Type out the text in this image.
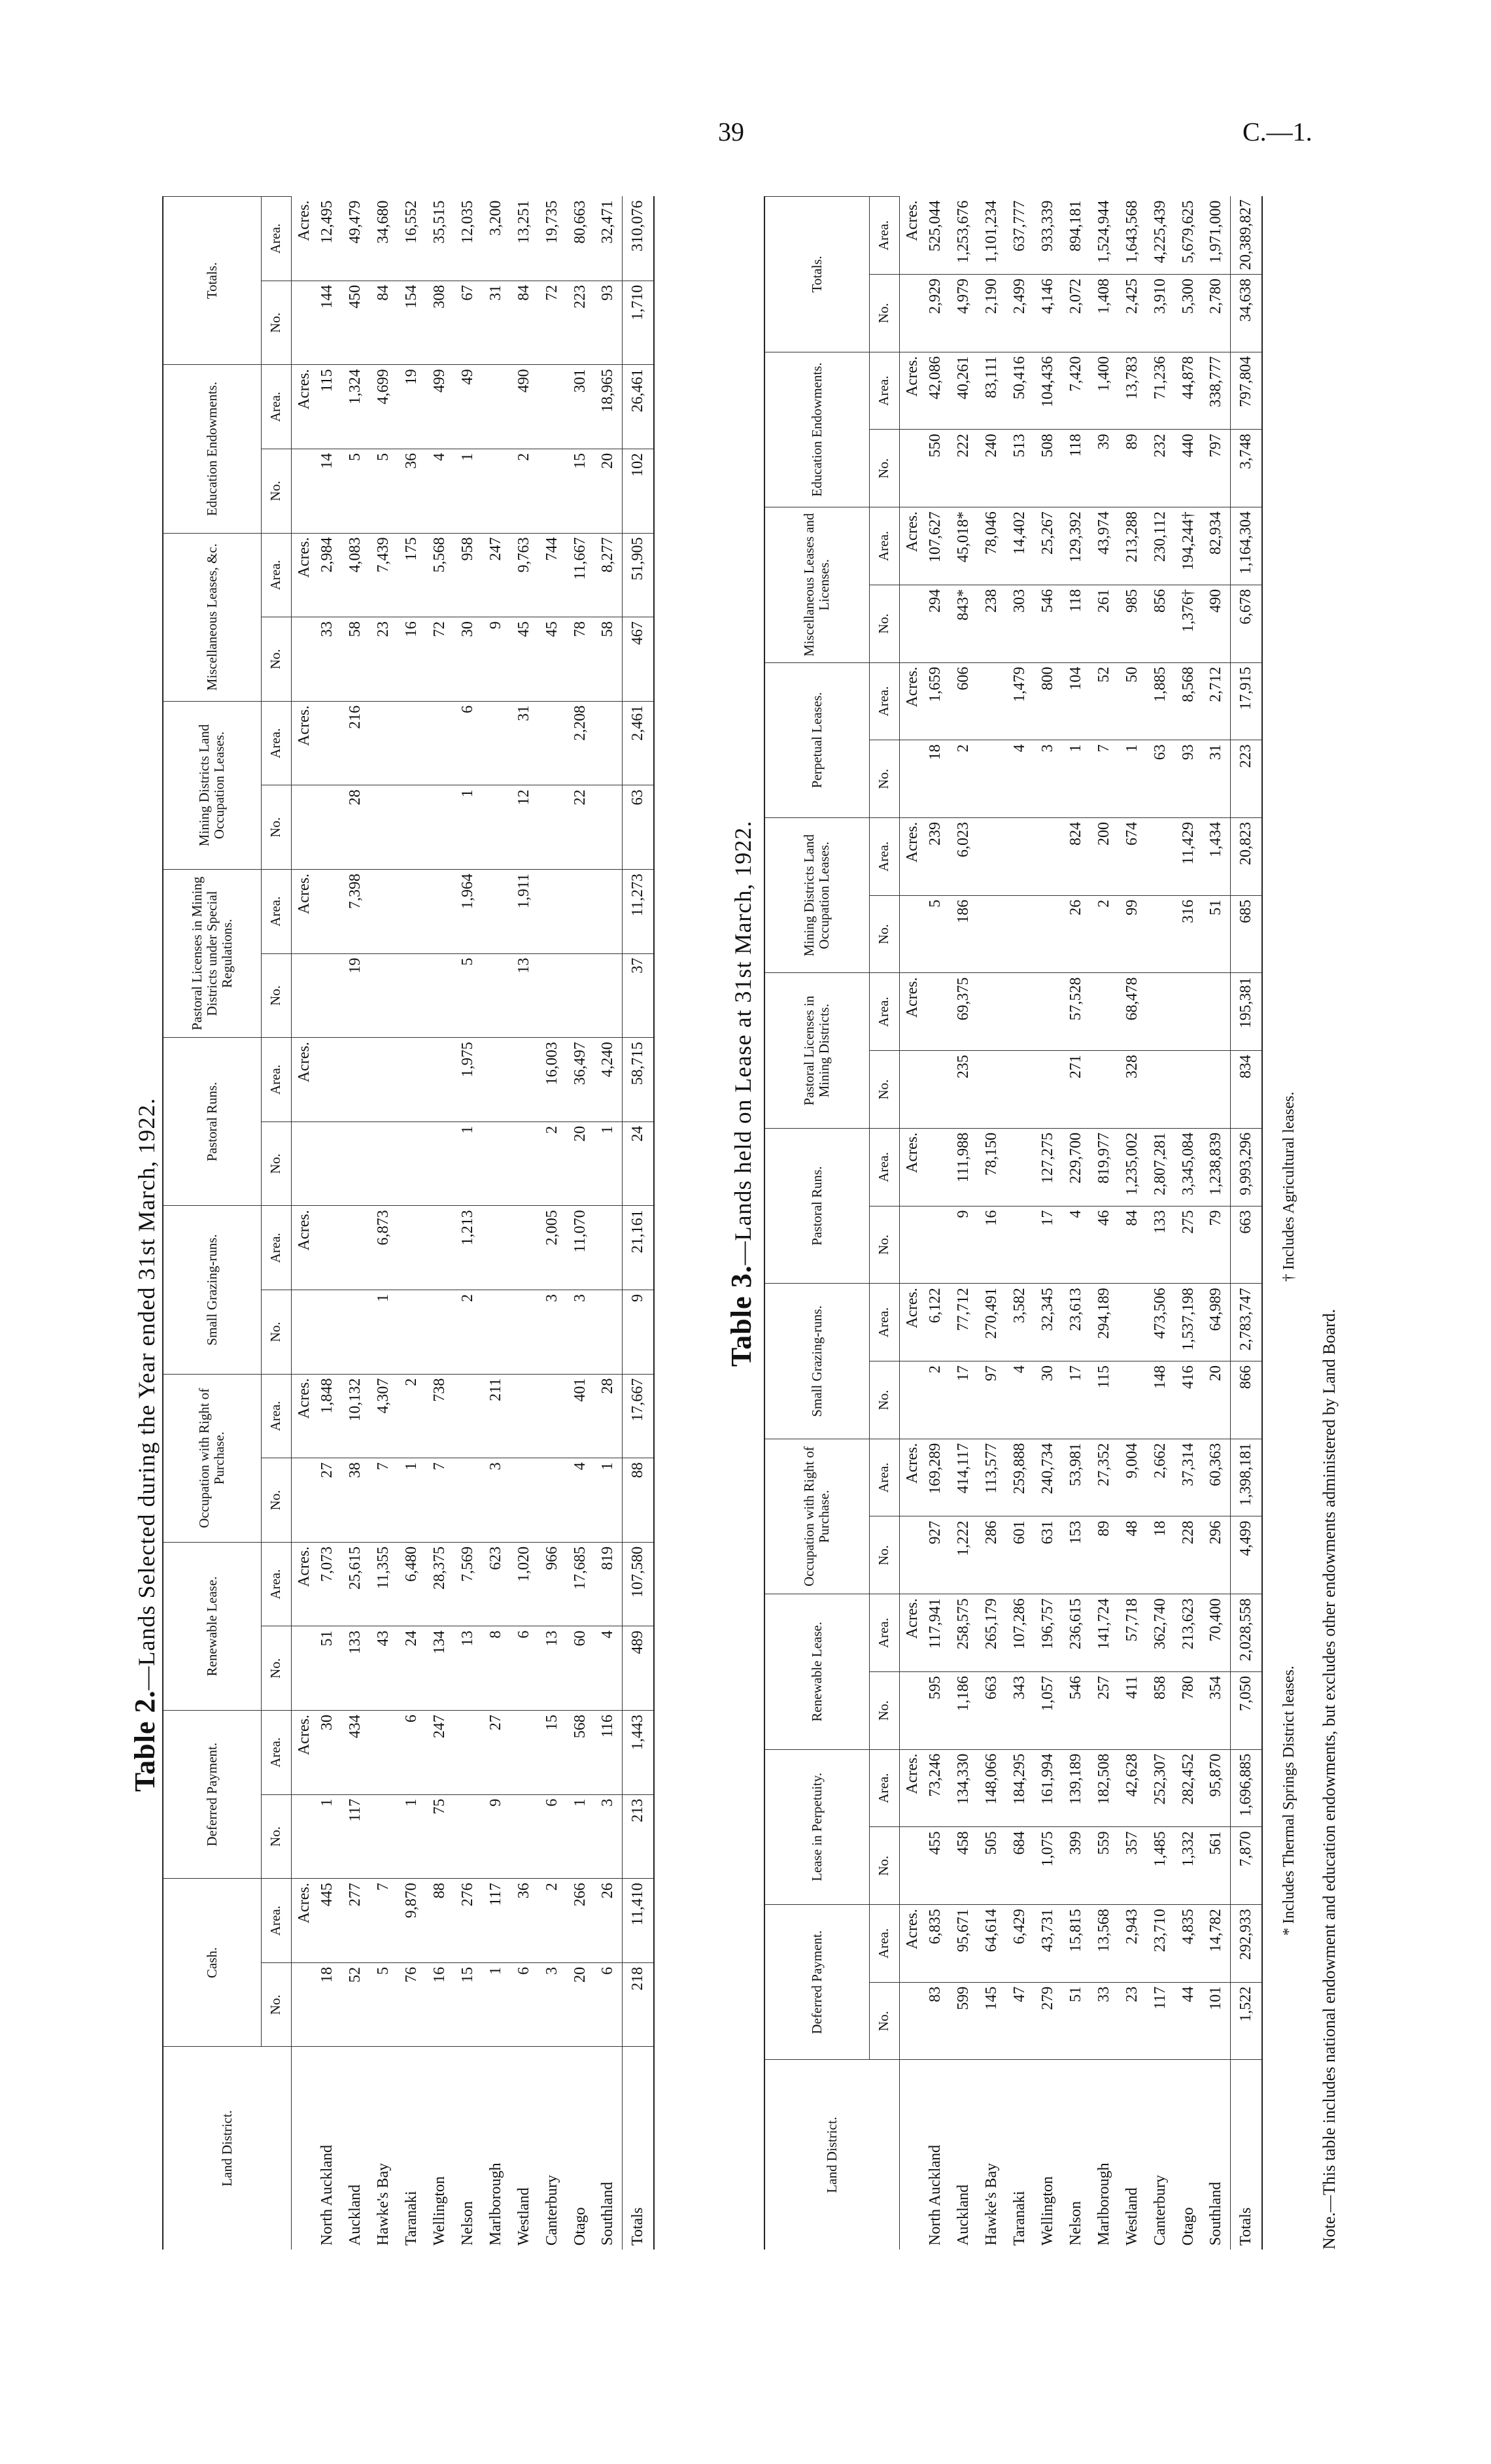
39	C.—1.
Table 2.—Lands Selected during the Year ended 31st March, 1922.
Land District.	Cash.		Deferred Payment.		Renewable Lease.		Occupation with Right of Purchase.		Small Grazing-runs.		Pastoral Runs.		Pastoral Licenses in Mining Districts under Special Regulations.		Mining Districts Land Occupation Leases.		Miscellaneous Leases, &c.		Education Endowments.		Totals.	
	No.	Area.	No.	Area.	No.	Area.	No.	Area.	No.	Area.	No.	Area.	No.	Area.	No.	Area.	No.	Area.	No.	Area.	No.	Area.
		Acres.		Acres.		Acres.		Acres.		Acres.		Acres.		Acres.		Acres.		Acres.		Acres.		Acres.
North Auckland	18	445	1	30	51	7,073	27	1,848									33	2,984	14	115	144	12,495
Auckland	52	277	117	434	133	25,615	38	10,132					19	7,398	28	216	58	4,083	5	1,324	450	49,479
Hawke's Bay	5	7			43	11,355	7	4,307	1	6,873							23	7,439	5	4,699	84	34,680
Taranaki	76	9,870	1	6	24	6,480	1	2									16	175	36	19	154	16,552
Wellington	16	88	75	247	134	28,375	7	738									72	5,568	4	499	308	35,515
Nelson	15	276			13	7,569			2	1,213	1	1,975	5	1,964	1	6	30	958	1	49	67	12,035
Marlborough	1	117	9	27	8	623	3	211									9	247			31	3,200
Westland	6	36			6	1,020							13	1,911	12	31	45	9,763	2	490	84	13,251
Canterbury	3	2	6	15	13	966			3	2,005	2	16,003					45	744			72	19,735
Otago	20	266	1	568	60	17,685	4	401	3	11,070	20	36,497			22	2,208	78	11,667	15	301	223	80,663
Southland	6	26	3	116	4	819	1	28			1	4,240					58	8,277	20	18,965	93	32,471
Totals	218	11,410	213	1,443	489	107,580	88	17,667	9	21,161	24	58,715	37	11,273	63	2,461	467	51,905	102	26,461	1,710	310,076
Table 3.—Lands held on Lease at 31st March, 1922.
Land District.	Deferred Payment.		Lease in Perpetuity.		Renewable Lease.		Occupation with Right of Purchase.		Small Grazing-runs.		Pastoral Runs.		Pastoral Licenses in Mining Districts.		Mining Districts Land Occupation Leases.		Perpetual Leases.		Miscellaneous Leases and Licenses.		Education Endowments.		Totals.	
	No.	Area.	No.	Area.	No.	Area.	No.	Area.	No.	Area.	No.	Area.	No.	Area.	No.	Area.	No.	Area.	No.	Area.	No.	Area.	No.	Area.
		Acres.		Acres.		Acres.		Acres.		Acres.		Acres.		Acres.		Acres.		Acres.		Acres.		Acres.		Acres.
North Auckland	83	6,835	455	73,246	595	117,941	927	169,289	2	6,122					5	239	18	1,659	294	107,627	550	42,086	2,929	525,044
Auckland	599	95,671	458	134,330	1,186	258,575	1,222	414,117	17	77,712	9	111,988	235	69,375	186	6,023	2	606	843*	45,018*	222	40,261	4,979	1,253,676
Hawke's Bay	145	64,614	505	148,066	663	265,179	286	113,577	97	270,491	16	78,150							238	78,046	240	83,111	2,190	1,101,234
Taranaki	47	6,429	684	184,295	343	107,286	601	259,888	4	3,582							4	1,479	303	14,402	513	50,416	2,499	637,777
Wellington	279	43,731	1,075	161,994	1,057	196,757	631	240,734	30	32,345	17	127,275					3	800	546	25,267	508	104,436	4,146	933,339
Nelson	51	15,815	399	139,189	546	236,615	153	53,981	17	23,613	4	229,700	271	57,528	26	824	1	104	118	129,392	118	7,420	2,072	894,181
Marlborough	33	13,568	559	182,508	257	141,724	89	27,352	115	294,189	46	819,977			2	200	7	52	261	43,974	39	1,400	1,408	1,524,944
Westland	23	2,943	357	42,628	411	57,718	48	9,004			84	1,235,002	328	68,478	99	674	1	50	985	213,288	89	13,783	2,425	1,643,568
Canterbury	117	23,710	1,485	252,307	858	362,740	18	2,662	148	473,506	133	2,807,281					63	1,885	856	230,112	232	71,236	3,910	4,225,439
Otago	44	4,835	1,332	282,452	780	213,623	228	37,314	416	1,537,198	275	3,345,084			316	11,429	93	8,568	1,376†	194,244†	440	44,878	5,300	5,679,625
Southland	101	14,782	561	95,870	354	70,400	296	60,363	20	64,989	79	1,238,839			51	1,434	31	2,712	490	82,934	797	338,777	2,780	1,971,000
Totals	1,522	292,933	7,870	1,696,885	7,050	2,028,558	4,499	1,398,181	866	2,783,747	663	9,993,296	834	195,381	685	20,823	223	17,915	6,678	1,164,304	3,748	797,804	34,638	20,389,827
* Includes Thermal Springs District leases.
† Includes Agricultural leases.
Note.—This table includes national endowment and education endowments, but excludes other endowments administered by Land Board.
